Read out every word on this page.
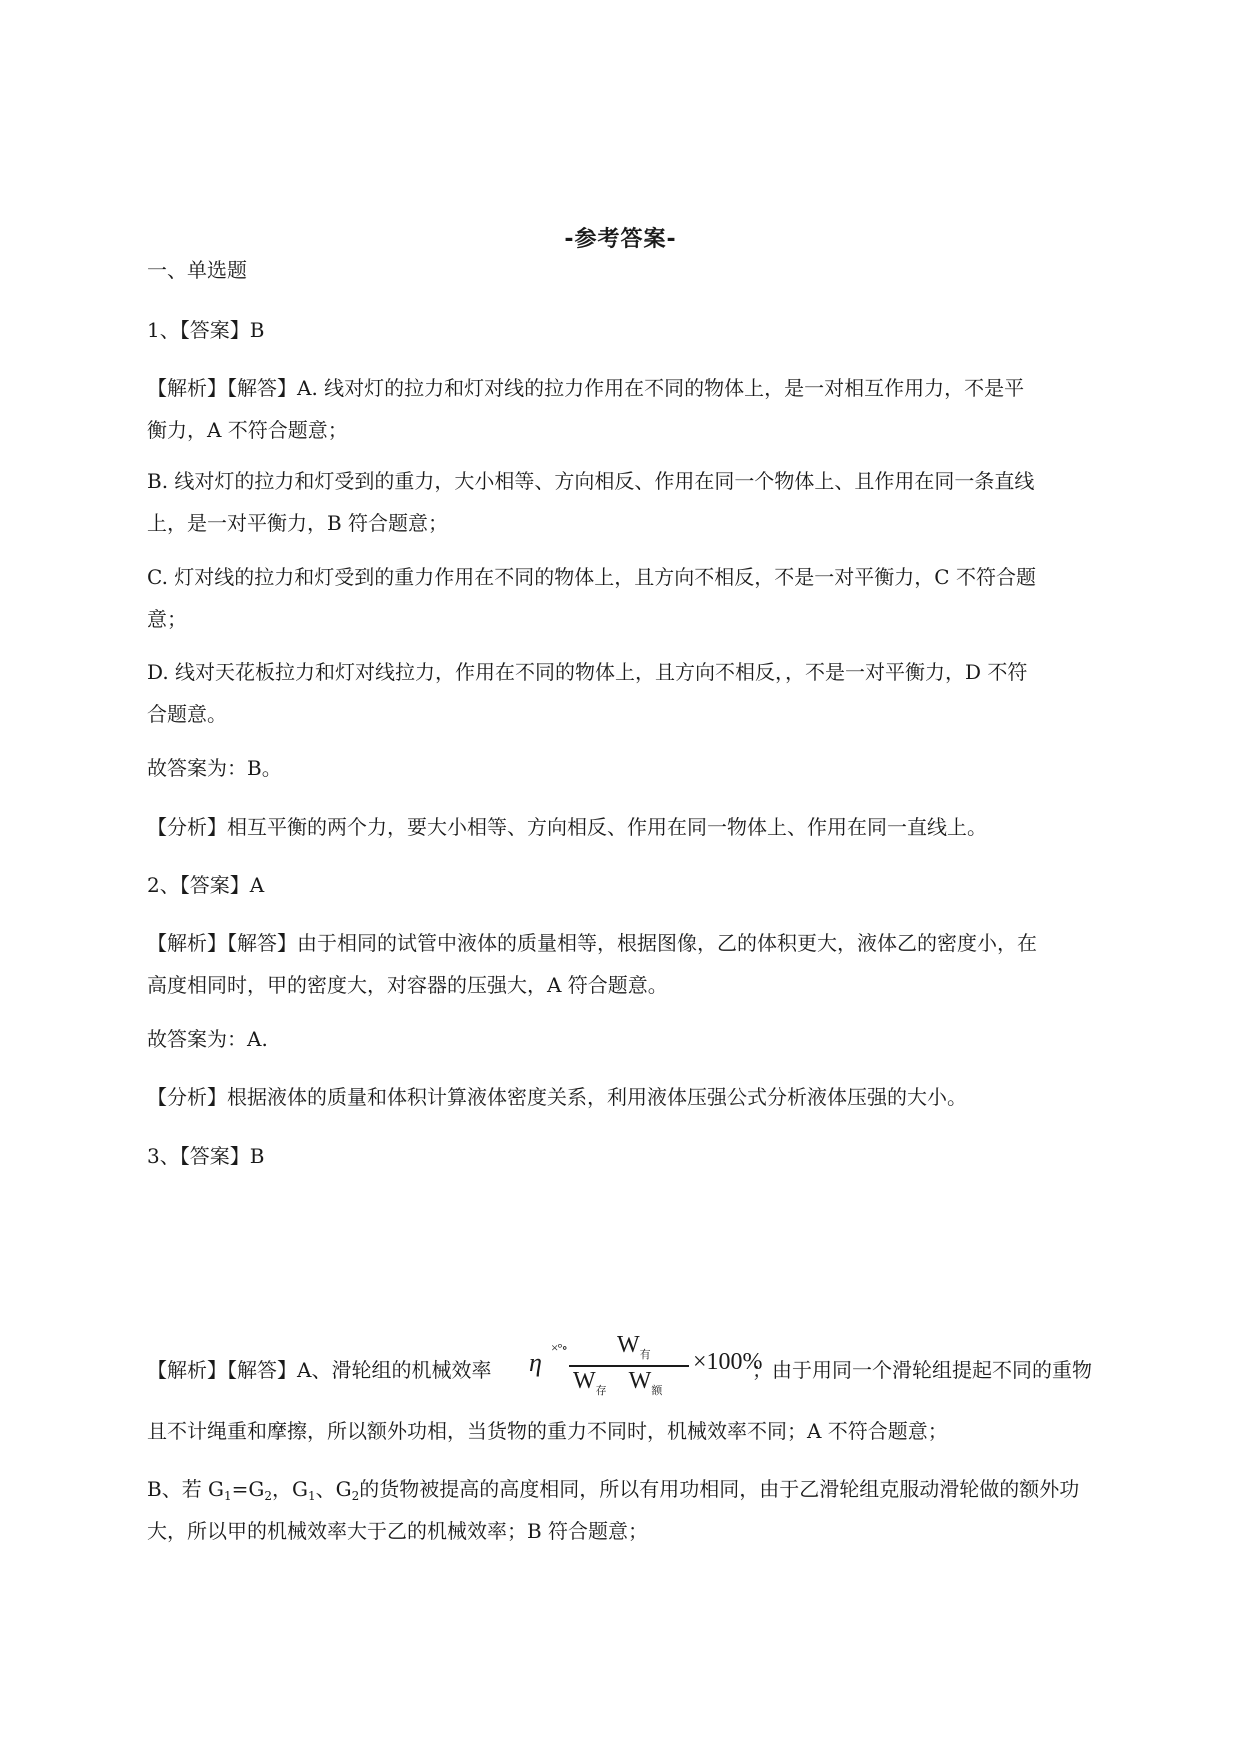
-参考答案-
一、单选题
1、【答案】B
【解析】【解答】A. 线对灯的拉力和灯对线的拉力作用在不同的物体上，是一对相互作用力，不是平
衡力，A 不符合题意；
B. 线对灯的拉力和灯受到的重力，大小相等、方向相反、作用在同一个物体上、且作用在同一条直线
上，是一对平衡力，B 符合题意；
C. 灯对线的拉力和灯受到的重力作用在不同的物体上，且方向不相反，不是一对平衡力，C 不符合题
意；
D. 线对天花板拉力和灯对线拉力，作用在不同的物体上，且方向不相反，，不是一对平衡力，D 不符
合题意。
故答案为：B。
【分析】相互平衡的两个力，要大小相等、方向相反、作用在同一物体上、作用在同一直线上。
2、【答案】A
【解析】【解答】由于相同的试管中液体的质量相等，根据图像，乙的体积更大，液体乙的密度小，在
高度相同时，甲的密度大，对容器的压强大，A 符合题意。
故答案为：A.
【分析】根据液体的质量和体积计算液体密度关系，利用液体压强公式分析液体压强的大小。
3、【答案】B
【解析】【解答】A、滑轮组的机械效率 η
×°∘ $W_有$
$W_存$ $W_额$
×100%
；由于用同一个滑轮组提起不同的重物
且不计绳重和摩擦，所以额外功相，当货物的重力不同时，机械效率不同；A 不符合题意；
B、若 $G_1=G_2$，$G_1$、$G_2$的货物被提高的高度相同，所以有用功相同，由于乙滑轮组克服动滑轮做的额外功
大，所以甲的机械效率大于乙的机械效率；B 符合题意；
